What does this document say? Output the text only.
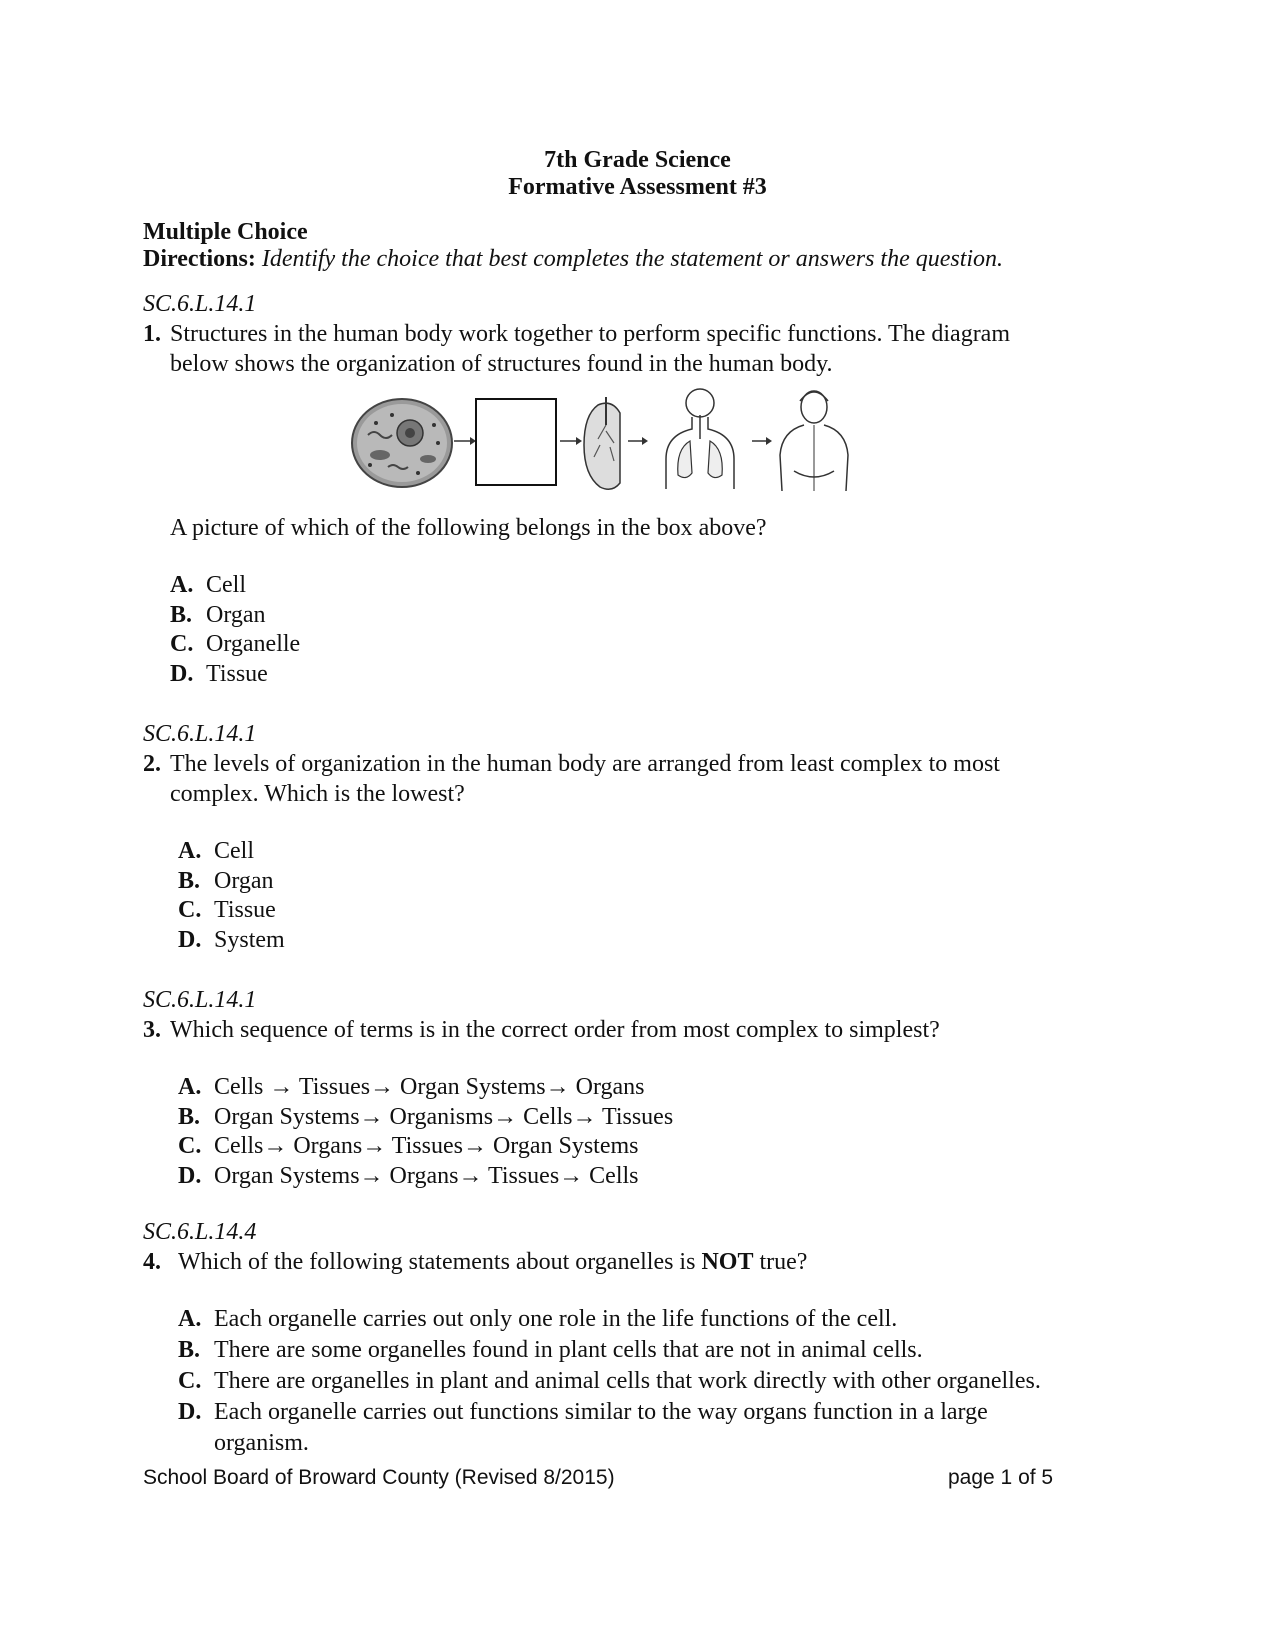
7th Grade Science
Formative Assessment #3
Multiple Choice
Directions: Identify the choice that best completes the statement or answers the question.
SC.6.L.14.1
1. Structures in the human body work together to perform specific functions. The diagram
below shows the organization of structures found in the human body.
A picture of which of the following belongs in the box above?
A. Cell
B. Organ
C. Organelle
D. Tissue
SC.6.L.14.1
2. The levels of organization in the human body are arranged from least complex to most
complex. Which is the lowest?
A. Cell
B. Organ
C. Tissue
D. System
SC.6.L.14.1
3. Which sequence of terms is in the correct order from most complex to simplest?
A. Cells → Tissues→ Organ Systems→ Organs
B. Organ Systems→ Organisms→ Cells→ Tissues
C. Cells→ Organs→ Tissues→ Organ Systems
D. Organ Systems→ Organs→ Tissues→ Cells
SC.6.L.14.4
4. Which of the following statements about organelles is NOT true?
A. Each organelle carries out only one role in the life functions of the cell.
B. There are some organelles found in plant cells that are not in animal cells.
C. There are organelles in plant and animal cells that work directly with other organelles.
D. Each organelle carries out functions similar to the way organs function in a large
organism.
School Board of Broward County (Revised 8/2015)	page 1 of 5
